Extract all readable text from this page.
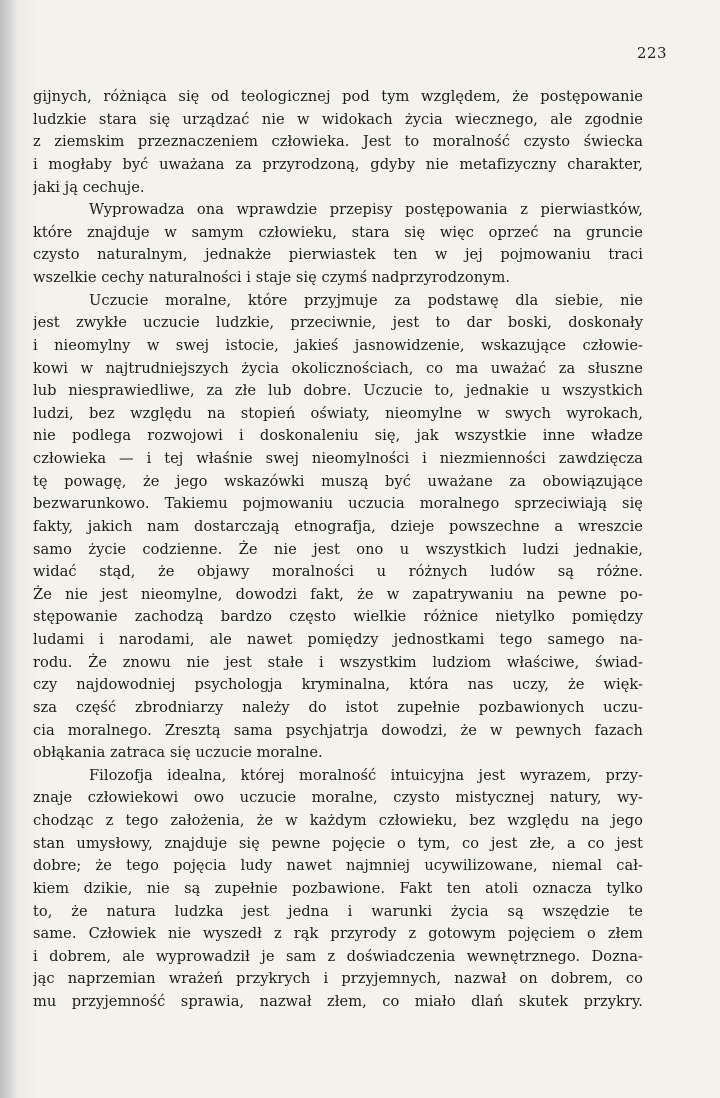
223
gijnych, różniąca się od teologicznej pod tym względem, że postępowanie
ludzkie stara się urządzać nie w widokach życia wiecznego, ale zgodnie
z ziemskim przeznaczeniem człowieka. Jest to moralność czysto świecka
i mogłaby być uważana za przyrodzoną, gdyby nie metafizyczny charakter,
jaki ją cechuje.
Wyprowadza ona wprawdzie przepisy postępowania z pierwiastków,
które znajduje w samym człowieku, stara się więc oprzeć na gruncie
czysto naturalnym, jednakże pierwiastek ten w jej pojmowaniu traci
wszelkie cechy naturalności i staje się czymś nadprzyrodzonym.
Uczucie moralne, które przyjmuje za podstawę dla siebie, nie
jest zwykłe uczucie ludzkie, przeciwnie, jest to dar boski, doskonały
i nieomylny w swej istocie, jakieś jasnowidzenie, wskazujące człowie-
kowi w najtrudniejszych życia okolicznościach, co ma uważać za słuszne
lub niesprawiedliwe, za złe lub dobre. Uczucie to, jednakie u wszystkich
ludzi, bez względu na stopień oświaty, nieomylne w swych wyrokach,
nie podlega rozwojowi i doskonaleniu się, jak wszystkie inne władze
człowieka — i tej właśnie swej nieomylności i niezmienności zawdzięcza
tę powagę, że jego wskazówki muszą być uważane za obowiązujące
bezwarunkowo. Takiemu pojmowaniu uczucia moralnego sprzeciwiają się
fakty, jakich nam dostarczają etnografja, dzieje powszechne a wreszcie
samo życie codzienne. Że nie jest ono u wszystkich ludzi jednakie,
widać stąd, że objawy moralności u różnych ludów są różne.
Że nie jest nieomylne, dowodzi fakt, że w zapatrywaniu na pewne po-
stępowanie zachodzą bardzo często wielkie różnice nietylko pomiędzy
ludami i narodami, ale nawet pomiędzy jednostkami tego samego na-
rodu. Że znowu nie jest stałe i wszystkim ludziom właściwe, świad-
czy najdowodniej psychologja kryminalna, która nas uczy, że więk-
sza część zbrodniarzy należy do istot zupełnie pozbawionych uczu-
cia moralnego. Zresztą sama psychjatrja dowodzi, że w pewnych fazach
obłąkania zatraca się uczucie moralne.
Filozofja idealna, której moralność intuicyjna jest wyrazem, przy-
znaje człowiekowi owo uczucie moralne, czysto mistycznej natury, wy-
chodząc z tego założenia, że w każdym człowieku, bez względu na jego
stan umysłowy, znajduje się pewne pojęcie o tym, co jest złe, a co jest
dobre; że tego pojęcia ludy nawet najmniej ucywilizowane, niemal cał-
kiem dzikie, nie są zupełnie pozbawione. Fakt ten atoli oznacza tylko
to, że natura ludzka jest jedna i warunki życia są wszędzie te
same. Człowiek nie wyszedł z rąk przyrody z gotowym pojęciem o złem
i dobrem, ale wyprowadził je sam z doświadczenia wewnętrznego. Dozna-
jąc naprzemian wrażeń przykrych i przyjemnych, nazwał on dobrem, co
mu przyjemność sprawia, nazwał złem, co miało dlań skutek przykry.
